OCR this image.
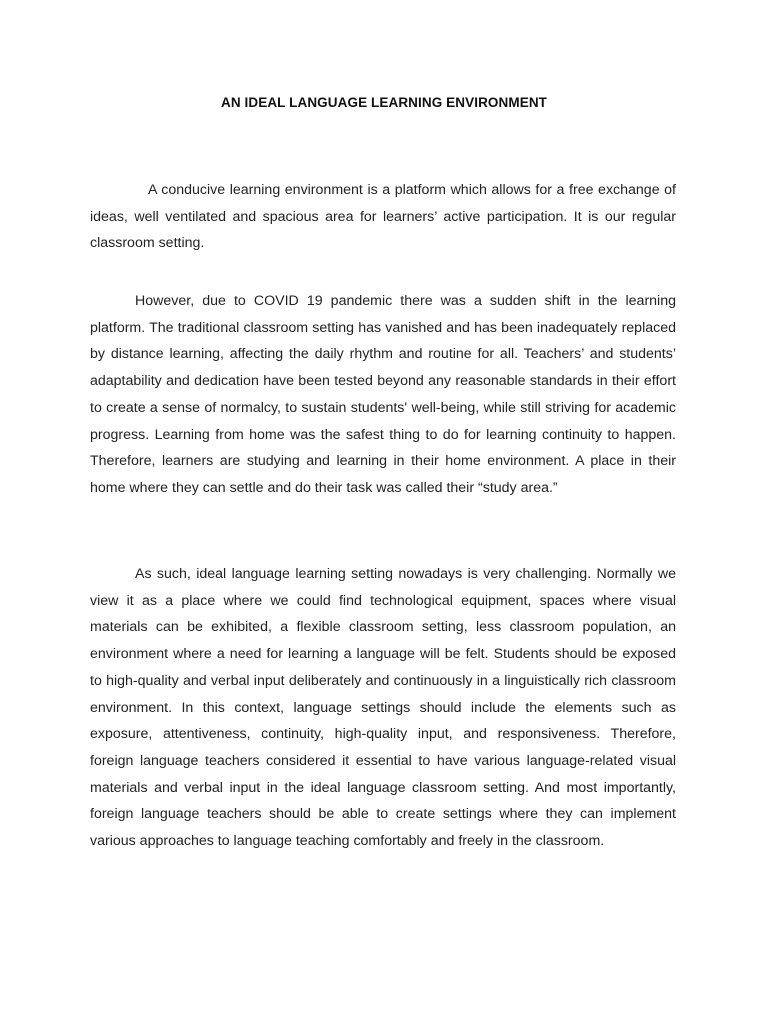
AN IDEAL LANGUAGE LEARNING ENVIRONMENT

A conducive learning environment is a platform which allows for a free exchange of ideas, well ventilated and spacious area for learners’ active participation. It is our regular classroom setting.

However, due to COVID 19 pandemic there was a sudden shift in the learning platform. The traditional classroom setting has vanished and has been inadequately replaced by distance learning, affecting the daily rhythm and routine for all. Teachers’ and students’ adaptability and dedication have been tested beyond any reasonable standards in their effort to create a sense of normalcy, to sustain students' well-being, while still striving for academic progress. Learning from home was the safest thing to do for learning continuity to happen. Therefore, learners are studying and learning in their home environment. A place in their home where they can settle and do their task was called their “study area.”

As such, ideal language learning setting nowadays is very challenging. Normally we view it as a place where we could find technological equipment, spaces where visual materials can be exhibited, a flexible classroom setting, less classroom population, an environment where a need for learning a language will be felt. Students should be exposed to high-quality and verbal input deliberately and continuously in a linguistically rich classroom environment. In this context, language settings should include the elements such as exposure, attentiveness, continuity, high-quality input, and responsiveness. Therefore, foreign language teachers considered it essential to have various language-related visual materials and verbal input in the ideal language classroom setting. And most importantly, foreign language teachers should be able to create settings where they can implement various approaches to language teaching comfortably and freely in the classroom.
